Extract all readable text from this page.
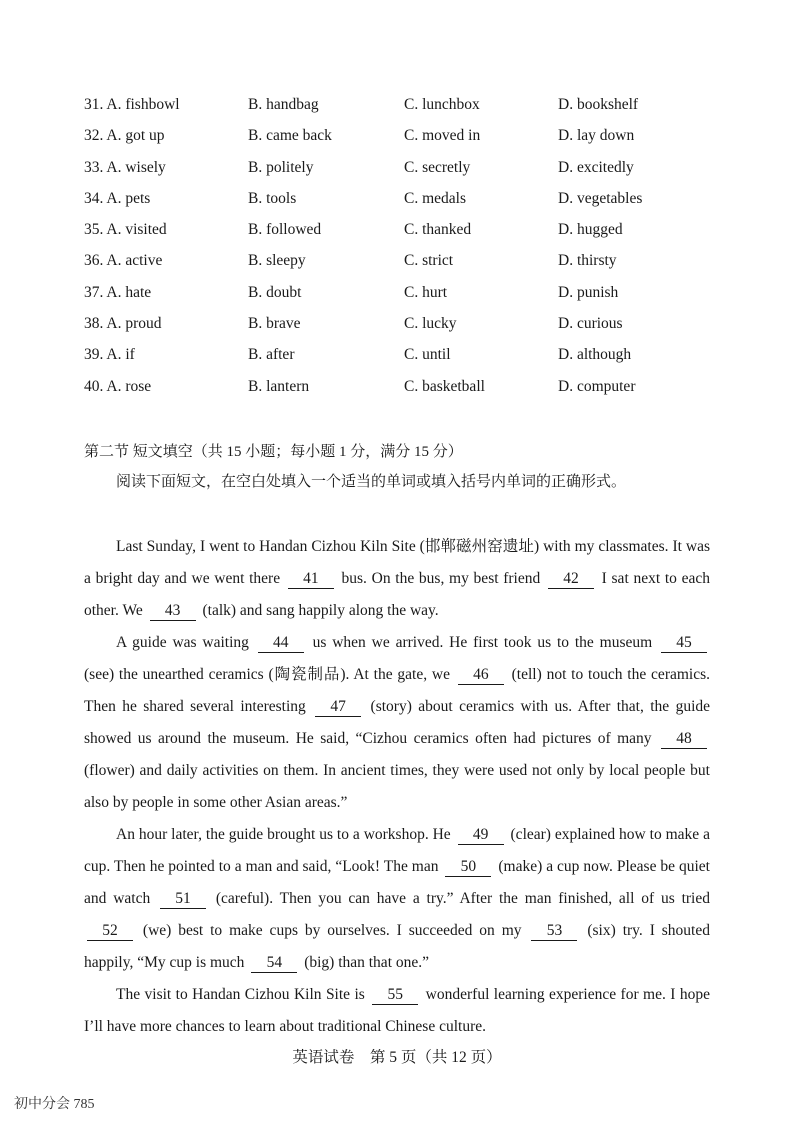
31. A. fishbowl	B. handbag	C. lunchbox	D. bookshelf
32. A. got up	B. came back	C. moved in	D. lay down
33. A. wisely	B. politely	C. secretly	D. excitedly
34. A. pets	B. tools	C. medals	D. vegetables
35. A. visited	B. followed	C. thanked	D. hugged
36. A. active	B. sleepy	C. strict	D. thirsty
37. A. hate	B. doubt	C. hurt	D. punish
38. A. proud	B. brave	C. lucky	D. curious
39. A. if	B. after	C. until	D. although
40. A. rose	B. lantern	C. basketball	D. computer
第二节 短文填空（共 15 小题；每小题 1 分，满分 15 分）
阅读下面短文，在空白处填入一个适当的单词或填入括号内单词的正确形式。

Last Sunday, I went to Handan Cizhou Kiln Site (邯郸磁州窑遗址) with my classmates. It was a bright day and we went there 41 bus. On the bus, my best friend 42 I sat next to each other. We 43 (talk) and sang happily along the way.

A guide was waiting 44 us when we arrived. He first took us to the museum 45 (see) the unearthed ceramics (陶瓷制品). At the gate, we 46 (tell) not to touch the ceramics. Then he shared several interesting 47 (story) about ceramics with us. After that, the guide showed us around the museum. He said, “Cizhou ceramics often had pictures of many 48 (flower) and daily activities on them. In ancient times, they were used not only by local people but also by people in some other Asian areas.”

An hour later, the guide brought us to a workshop. He 49 (clear) explained how to make a cup. Then he pointed to a man and said, “Look! The man 50 (make) a cup now. Please be quiet and watch 51 (careful). Then you can have a try.” After the man finished, all of us tried 52 (we) best to make cups by ourselves. I succeeded on my 53 (six) try. I shouted happily, “My cup is much 54 (big) than that one.”

The visit to Handan Cizhou Kiln Site is 55 wonderful learning experience for me. I hope I’ll have more chances to learn about traditional Chinese culture.

英语试卷　第 5 页（共 12 页）
初中分会 785
